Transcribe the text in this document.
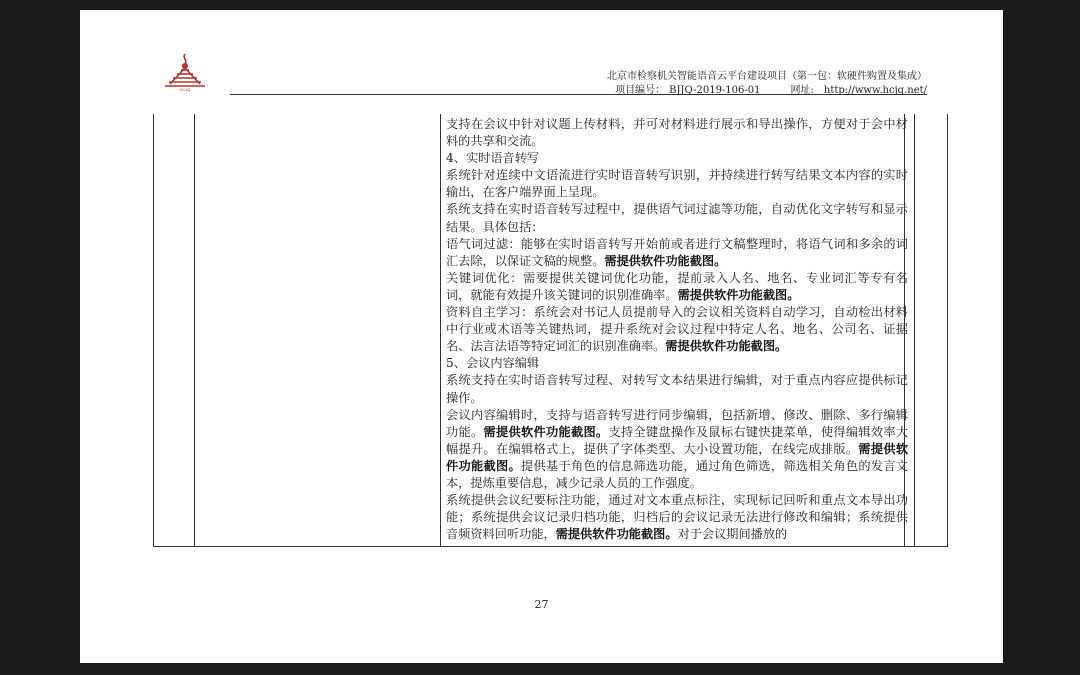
HCJQ
北京市检察机关智能语音云平台建设项目（第一包：软硬件购置及集成）
项目编号： BJJQ-2019-106-01	网址: http://www.hcjq.net/

支持在会议中针对议题上传材料，并可对材料进行展示和导出操作，方便对于会中材料的共享和交流。

4、实时语音转写

系统针对连续中文语流进行实时语音转写识别，并持续进行转写结果文本内容的实时输出，在客户端界面上呈现。

系统支持在实时语音转写过程中，提供语气词过滤等功能，自动优化文字转写和显示结果。具体包括：

语气词过滤：能够在实时语音转写开始前或者进行文稿整理时，将语气词和多余的词汇去除，以保证文稿的规整。需提供软件功能截图。

关键词优化：需要提供关键词优化功能，提前录入人名、地名、专业词汇等专有名词，就能有效提升该关键词的识别准确率。需提供软件功能截图。

资料自主学习：系统会对书记人员提前导入的会议相关资料自动学习，自动检出材料中行业或术语等关键热词，提升系统对会议过程中特定人名、地名、公司名、证据名、法言法语等特定词汇的识别准确率。需提供软件功能截图。

5、会议内容编辑

系统支持在实时语音转写过程、对转写文本结果进行编辑，对于重点内容应提供标记操作。

会议内容编辑时，支持与语音转写进行同步编辑，包括新增、修改、删除、多行编辑功能。需提供软件功能截图。支持全键盘操作及鼠标右键快捷菜单，使得编辑效率大幅提升。在编辑格式上，提供了字体类型、大小设置功能，在线完成排版。需提供软件功能截图。提供基于角色的信息筛选功能，通过角色筛选，筛选相关角色的发言文本，提炼重要信息，减少记录人员的工作强度。

系统提供会议纪要标注功能，通过对文本重点标注，实现标记回听和重点文本导出功能；系统提供会议记录归档功能，归档后的会议记录无法进行修改和编辑；系统提供音频资料回听功能，需提供软件功能截图。对于会议期间播放的

27
